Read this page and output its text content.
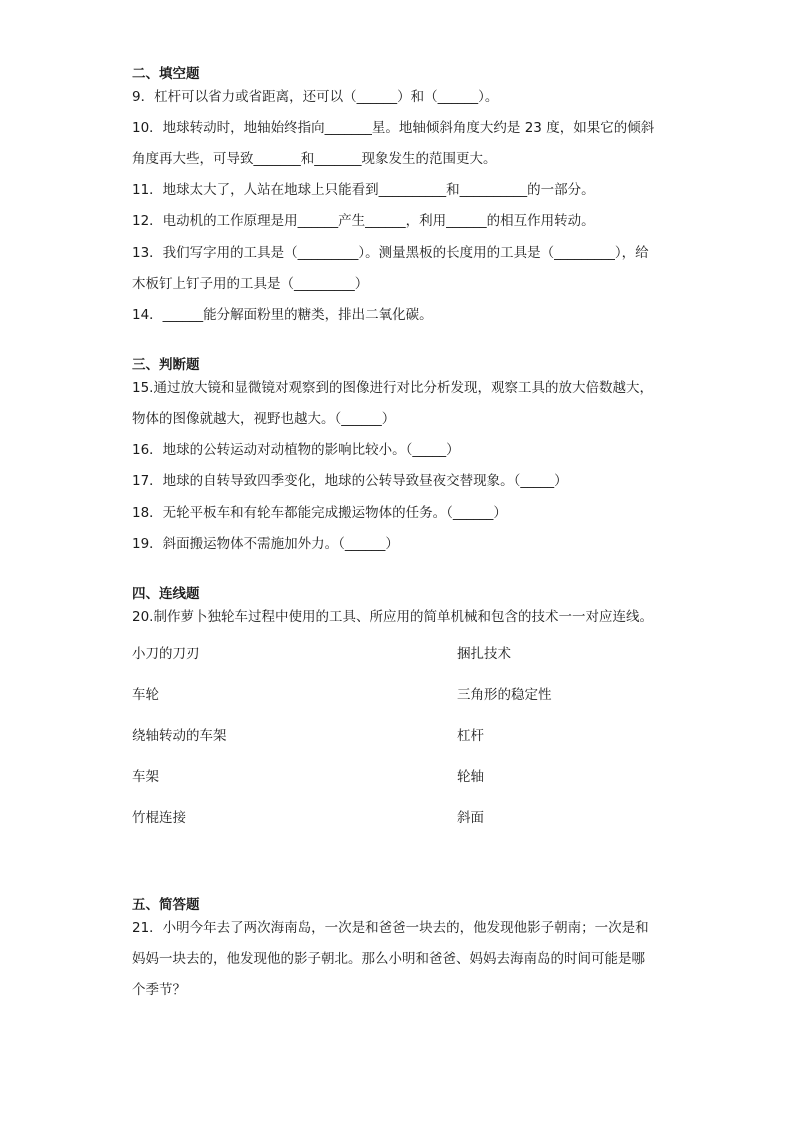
二、填空题
9．杠杆可以省力或省距离，还可以（______）和（______）。
10．地球转动时，地轴始终指向_______星。地轴倾斜角度大约是 23 度，如果它的倾斜
角度再大些，可导致_______和_______现象发生的范围更大。
11．地球太大了，人站在地球上只能看到__________和__________的一部分。
12．电动机的工作原理是用______产生______，利用______的相互作用转动。
13．我们写字用的工具是（_________）。测量黑板的长度用的工具是（_________），给
木板钉上钉子用的工具是（_________）
14．______能分解面粉里的糖类，排出二氧化碳。
三、判断题
15.通过放大镜和显微镜对观察到的图像进行对比分析发现，观察工具的放大倍数越大，
物体的图像就越大，视野也越大。（______）
16．地球的公转运动对动植物的影响比较小。（_____）
17．地球的自转导致四季变化，地球的公转导致昼夜交替现象。（_____）
18．无轮平板车和有轮车都能完成搬运物体的任务。（______）
19．斜面搬运物体不需施加外力。（______）
四、连线题
20.制作萝卜独轮车过程中使用的工具、所应用的简单机械和包含的技术一一对应连线。
小刀的刀刃	捆扎技术
车轮	三角形的稳定性
绕轴转动的车架	杠杆
车架	轮轴
竹棍连接	斜面
五、简答题
21．小明今年去了两次海南岛，一次是和爸爸一块去的，他发现他影子朝南；一次是和
妈妈一块去的，他发现他的影子朝北。那么小明和爸爸、妈妈去海南岛的时间可能是哪
个季节？
